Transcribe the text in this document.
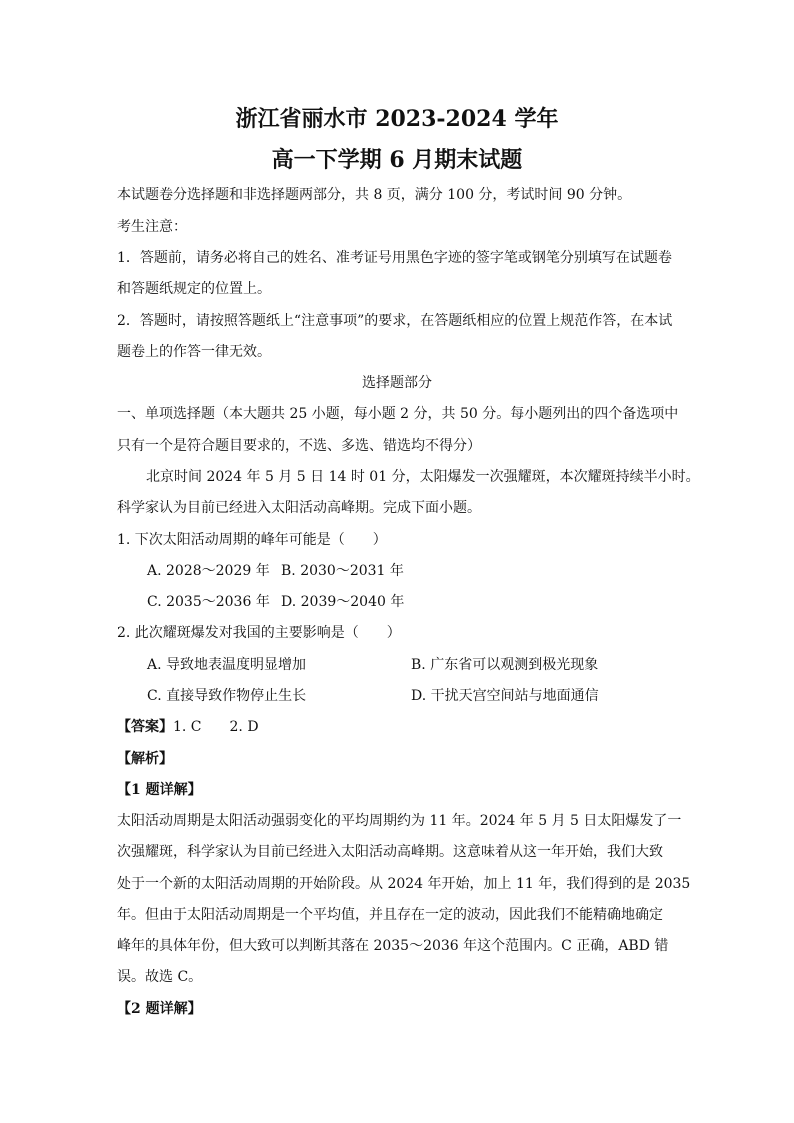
浙江省丽水市 2023-2024 学年
高一下学期 6 月期末试题
本试题卷分选择题和非选择题两部分，共 8 页，满分 100 分，考试时间 90 分钟。
考生注意：
1．答题前，请务必将自己的姓名、准考证号用黑色字迹的签字笔或钢笔分别填写在试题卷
和答题纸规定的位置上。
2．答题时，请按照答题纸上“注意事项”的要求，在答题纸相应的位置上规范作答，在本试
题卷上的作答一律无效。
选择题部分
一、单项选择题（本大题共 25 小题，每小题 2 分，共 50 分。每小题列出的四个备选项中
只有一个是符合题目要求的，不选、多选、错选均不得分）
北京时间 2024 年 5 月 5 日 14 时 01 分，太阳爆发一次强耀斑，本次耀斑持续半小时。
科学家认为目前已经进入太阳活动高峰期。完成下面小题。
1. 下次太阳活动周期的峰年可能是（　　）
A. 2028～2029 年 B. 2030～2031 年
C. 2035～2036 年 D. 2039～2040 年
2. 此次耀斑爆发对我国的主要影响是（　　）
A. 导致地表温度明显增加	B. 广东省可以观测到极光现象
C. 直接导致作物停止生长	D. 干扰天宫空间站与地面通信
【答案】1. C　　2. D
【解析】
【1 题详解】
太阳活动周期是太阳活动强弱变化的平均周期约为 11 年。2024 年 5 月 5 日太阳爆发了一
次强耀斑，科学家认为目前已经进入太阳活动高峰期。这意味着从这一年开始，我们大致
处于一个新的太阳活动周期的开始阶段。从 2024 年开始，加上 11 年，我们得到的是 2035
年。但由于太阳活动周期是一个平均值，并且存在一定的波动，因此我们不能精确地确定
峰年的具体年份，但大致可以判断其落在 2035～2036 年这个范围内。C 正确，ABD 错
误。故选 C。
【2 题详解】
